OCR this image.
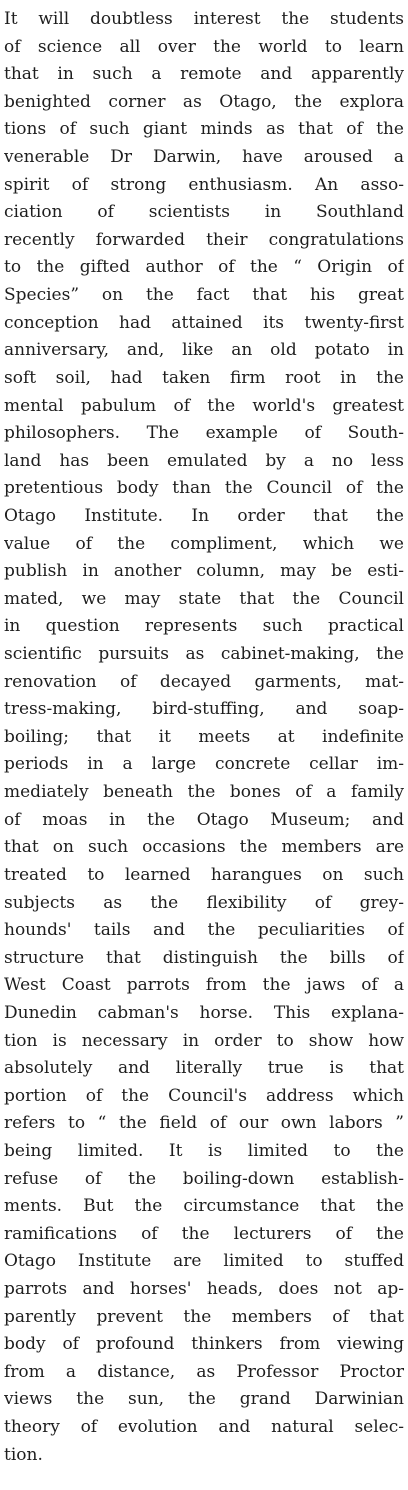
It will doubtless interest the students
of science all over the world to learn
that in such a remote and apparently
benighted corner as Otago, the explora
tions of such giant minds as that of the
venerable Dr Darwin, have aroused a
spirit of strong enthusiasm. An asso-
ciation of scientists in Southland
recently forwarded their congratulations
to the gifted author of the “ Origin of
Species” on the fact that his great
conception had attained its twenty-first
anniversary, and, like an old potato in
soft soil, had taken firm root in the
mental pabulum of the world's greatest
philosophers. The example of South-
land has been emulated by a no less
pretentious body than the Council of the
Otago Institute. In order that the
value of the compliment, which we
publish in another column, may be esti-
mated, we may state that the Council
in question represents such practical
scientific pursuits as cabinet-making, the
renovation of decayed garments, mat-
tress-making, bird-stuffing, and soap-
boiling; that it meets at indefinite
periods in a large concrete cellar im-
mediately beneath the bones of a family
of moas in the Otago Museum; and
that on such occasions the members are
treated to learned harangues on such
subjects as the flexibility of grey-
hounds' tails and the peculiarities of
structure that distinguish the bills of
West Coast parrots from the jaws of a
Dunedin cabman's horse. This explana-
tion is necessary in order to show how
absolutely and literally true is that
portion of the Council's address which
refers to “ the field of our own labors ”
being limited. It is limited to the
refuse of the boiling-down establish-
ments. But the circumstance that the
ramifications of the lecturers of the
Otago Institute are limited to stuffed
parrots and horses' heads, does not ap-
parently prevent the members of that
body of profound thinkers from viewing
from a distance, as Professor Proctor
views the sun, the grand Darwinian
theory of evolution and natural selec-
tion.
